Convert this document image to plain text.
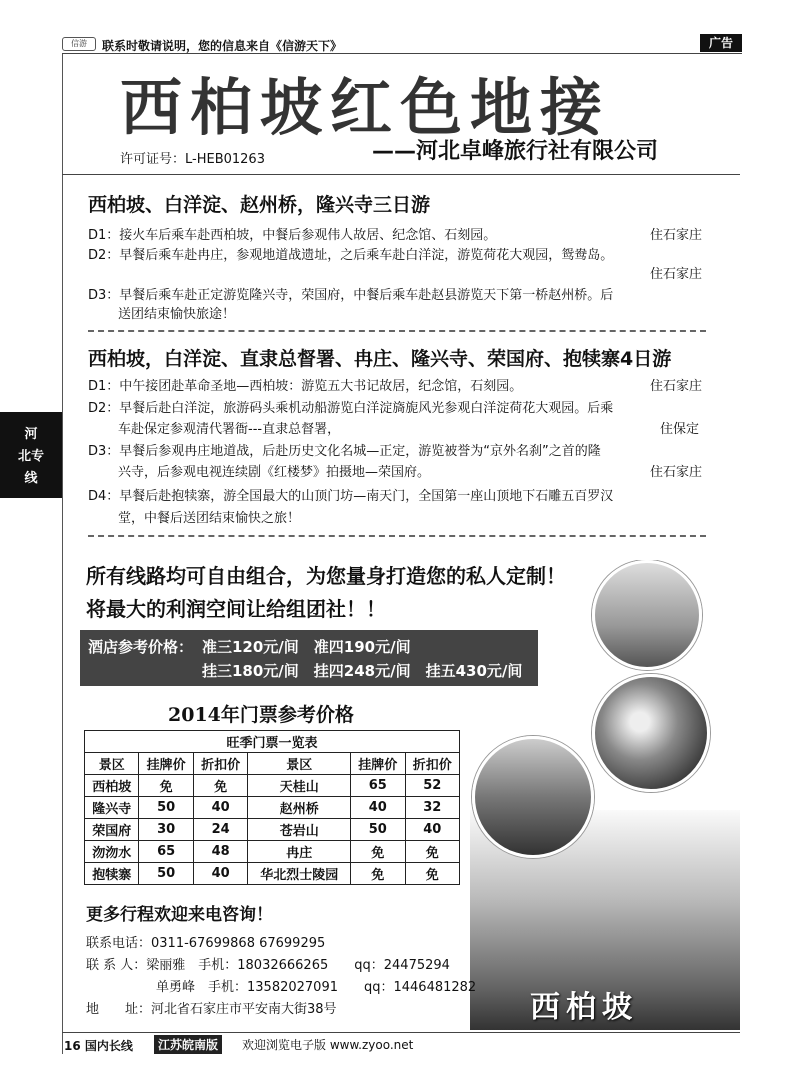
信游	联系时敬请说明，您的信息来自《信游天下》	广告
西柏坡红色地接
许可证号：L-HEB01263	——河北卓峰旅行社有限公司
河
北专
线
西柏坡、白洋淀、赵州桥，隆兴寺三日游
D1：接火车后乘车赴西柏坡，中餐后参观伟人故居、纪念馆、石刻园。	住石家庄
D2：早餐后乘车赴冉庄，参观地道战遗址，之后乘车赴白洋淀，游览荷花大观园，鸳鸯岛。
住石家庄
D3：早餐后乘车赴正定游览隆兴寺，荣国府，中餐后乘车赴赵县游览天下第一桥赵州桥。后
送团结束愉快旅途！
西柏坡，白洋淀、直隶总督署、冉庄、隆兴寺、荣国府、抱犊寨4日游
D1：中午接团赴革命圣地—西柏坡：游览五大书记故居，纪念馆，石刻园。	住石家庄
D2：早餐后赴白洋淀，旅游码头乘机动船游览白洋淀旖旎风光参观白洋淀荷花大观园。后乘
车赴保定参观清代署衙---直隶总督署，	住保定
D3：早餐后参观冉庄地道战，后赴历史文化名城—正定，游览被誉为“京外名刹”之首的隆
兴寺，后参观电视连续剧《红楼梦》拍摄地—荣国府。	住石家庄
D4：早餐后赴抱犊寨，游全国最大的山顶门坊—南天门，全国第一座山顶地下石雕五百罗汉
堂，中餐后送团结束愉快之旅！
西柏坡
所有线路均可自由组合，为您量身打造您的私人定制！
将最大的利润空间让给组团社！！
酒店参考价格： 准三120元/间　准四190元/间
挂三180元/间　挂四248元/间　挂五430元/间
2014年门票参考价格
旺季门票一览表					
景区	挂牌价	折扣价	景区	挂牌价	折扣价
西柏坡	免	免	天桂山	65	52
隆兴寺	50	40	赵州桥	40	32
荣国府	30	24	苍岩山	50	40
沕沕水	65	48	冉庄	免	免
抱犊寨	50	40	华北烈士陵园	免	免
更多行程欢迎来电咨询！
联系电话：0311-67699868 67699295
联 系 人：梁丽雅　手机：18032666265 qq：24475294
单勇峰　手机：13582027091 qq：1446481282
地　　址：河北省石家庄市平安南大街38号
16 国内长线	江苏皖南版	欢迎浏览电子版 www.zyoo.net
